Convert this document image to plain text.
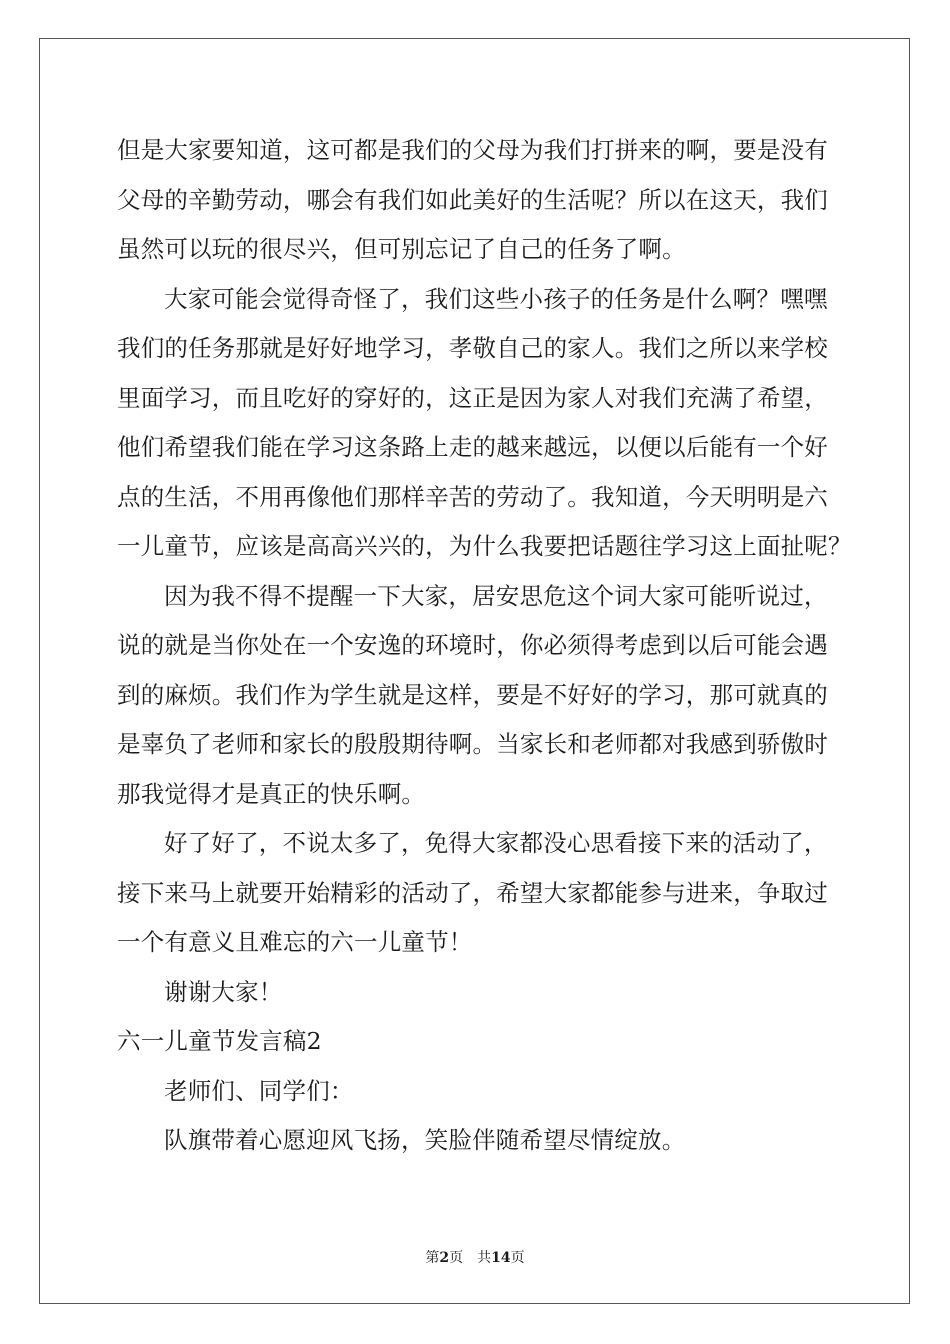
但是大家要知道，这可都是我们的父母为我们打拼来的啊，要是没有
父母的辛勤劳动，哪会有我们如此美好的生活呢？所以在这天，我们
虽然可以玩的很尽兴，但可别忘记了自己的任务了啊。
大家可能会觉得奇怪了，我们这些小孩子的任务是什么啊？嘿嘿
我们的任务那就是好好地学习，孝敬自己的家人。我们之所以来学校
里面学习，而且吃好的穿好的，这正是因为家人对我们充满了希望，
他们希望我们能在学习这条路上走的越来越远，以便以后能有一个好
点的生活，不用再像他们那样辛苦的劳动了。我知道，今天明明是六
一儿童节，应该是高高兴兴的，为什么我要把话题往学习这上面扯呢？
因为我不得不提醒一下大家，居安思危这个词大家可能听说过，
说的就是当你处在一个安逸的环境时，你必须得考虑到以后可能会遇
到的麻烦。我们作为学生就是这样，要是不好好的学习，那可就真的
是辜负了老师和家长的殷殷期待啊。当家长和老师都对我感到骄傲时
那我觉得才是真正的快乐啊。
好了好了，不说太多了，免得大家都没心思看接下来的活动了，
接下来马上就要开始精彩的活动了，希望大家都能参与进来，争取过
一个有意义且难忘的六一儿童节！
谢谢大家！
六一儿童节发言稿2
老师们、同学们：
队旗带着心愿迎风飞扬，笑脸伴随希望尽情绽放。
第2页 共14页
